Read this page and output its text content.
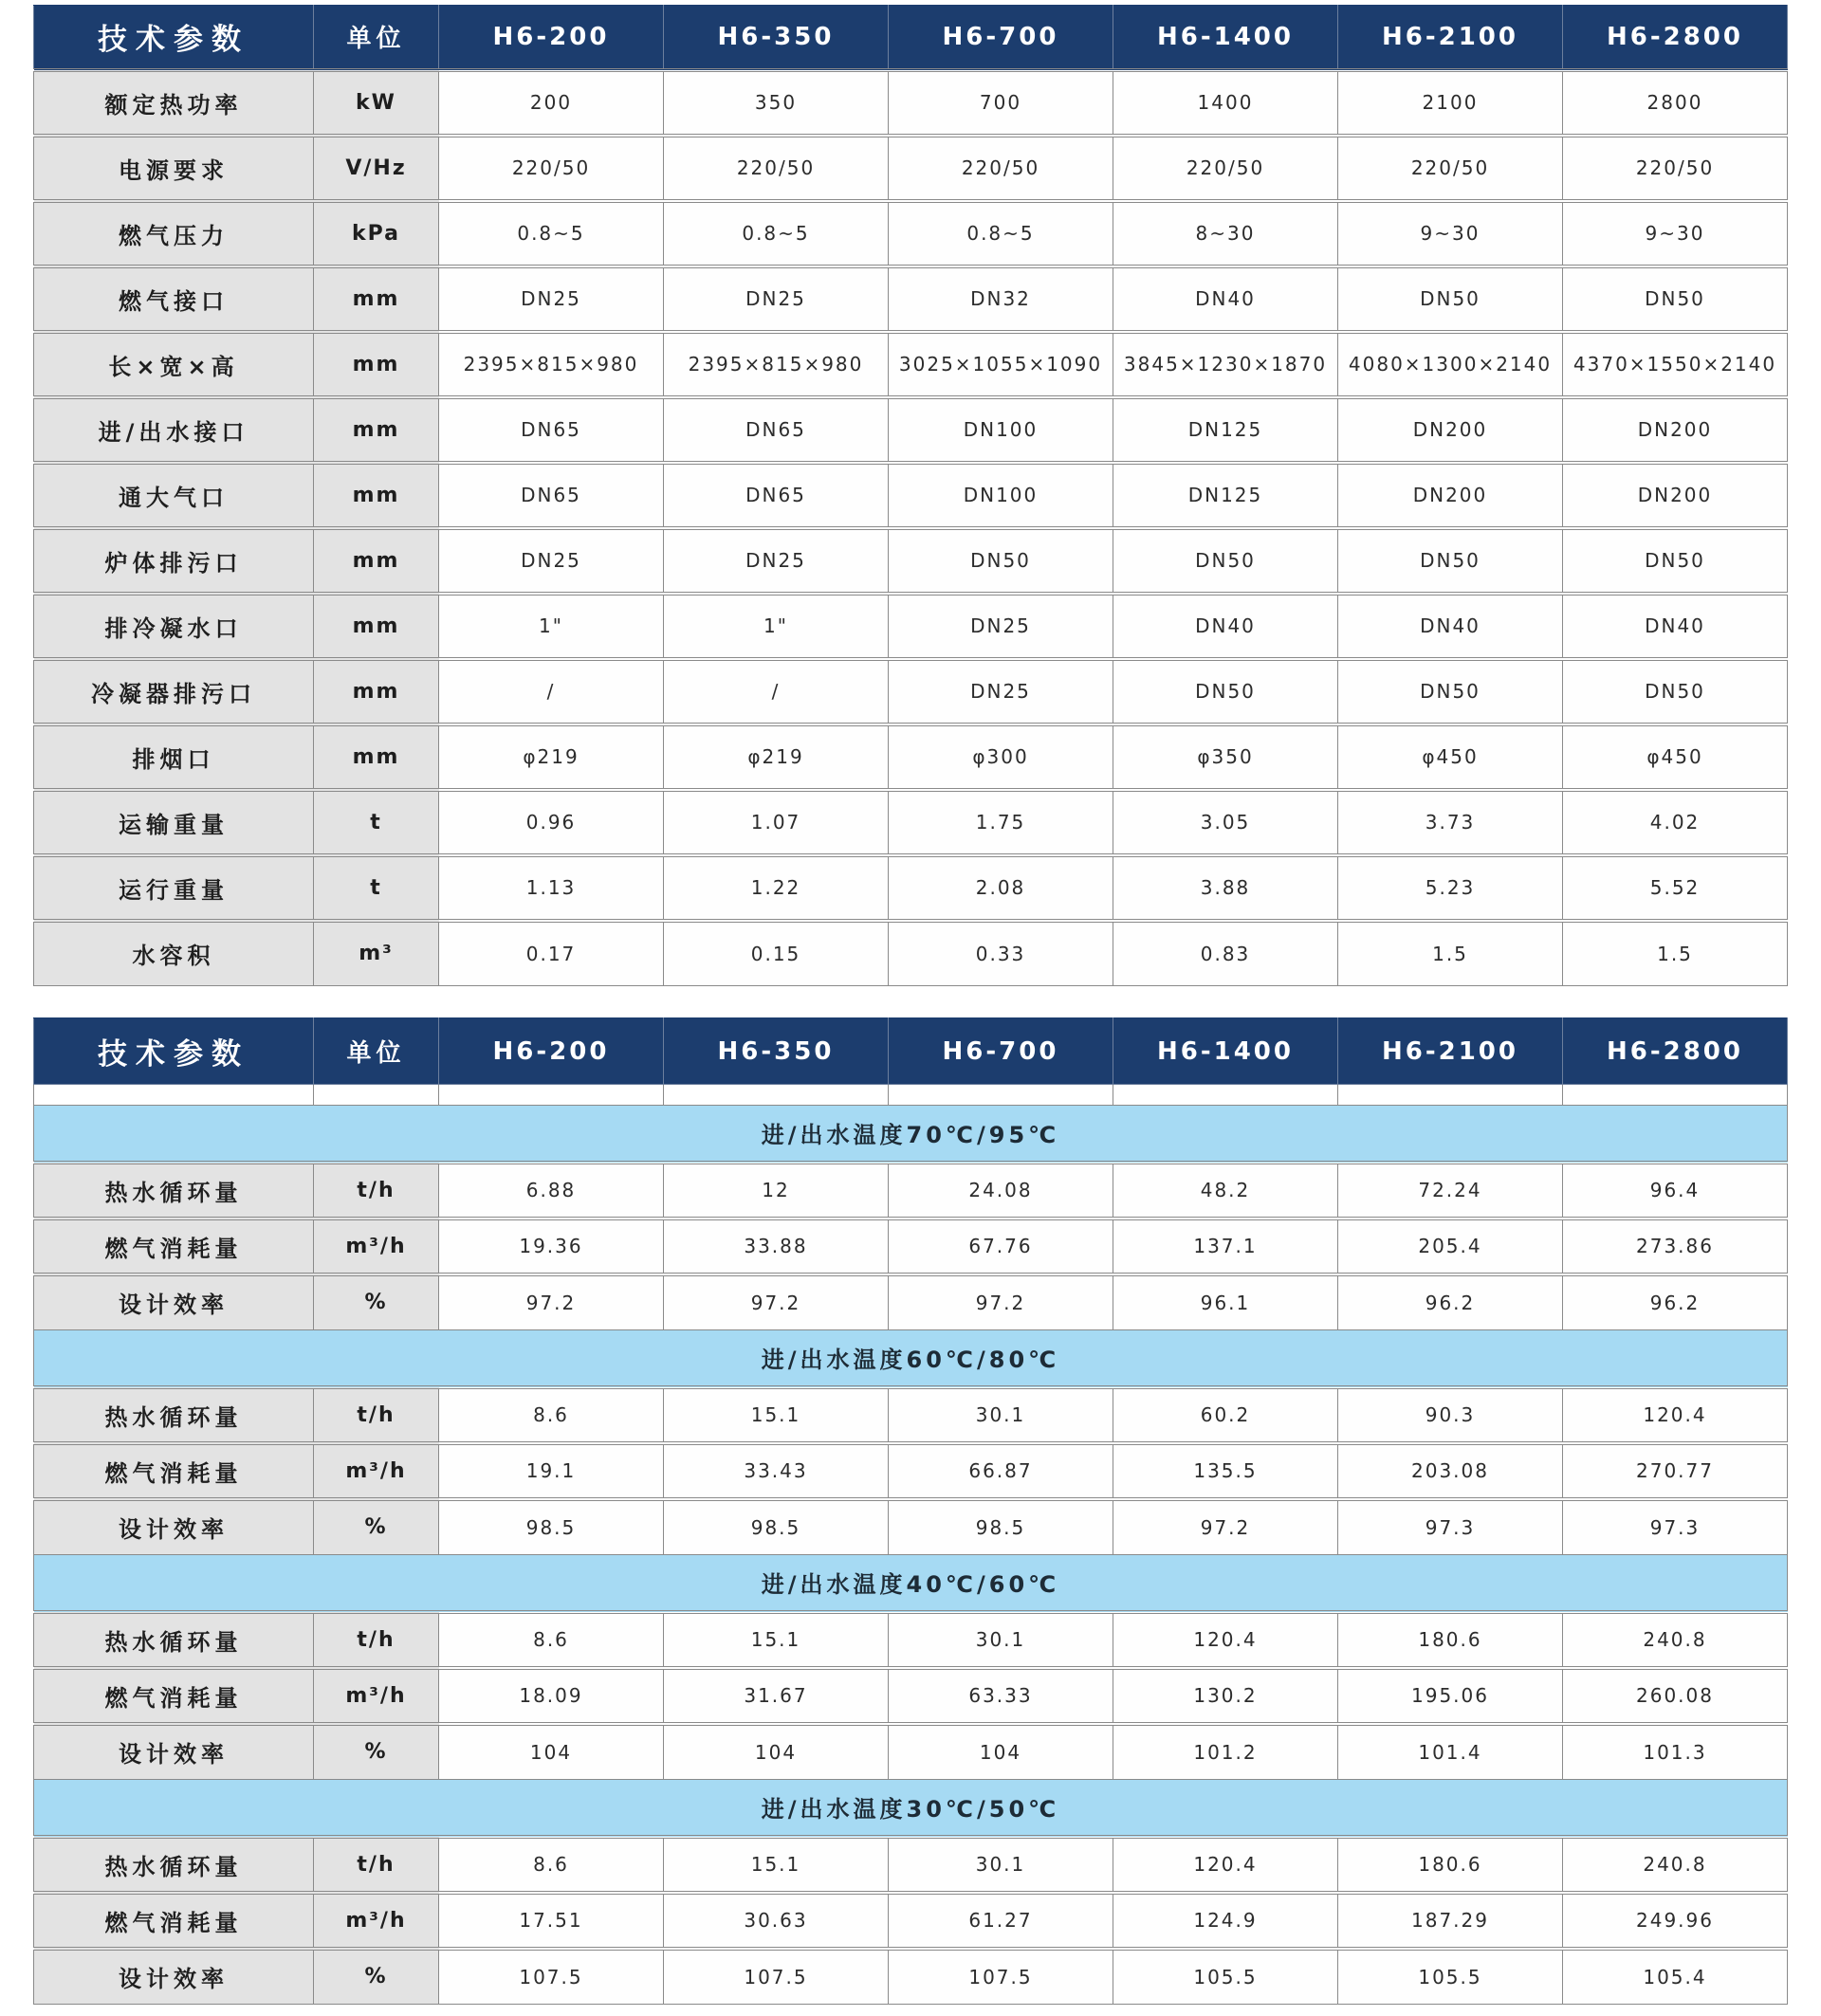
技术参数	单位	H6-200	H6-350	H6-700	H6-1400	H6-2100	H6-2800
额定热功率	kW	200	350	700	1400	2100	2800
电源要求	V/Hz	220/50	220/50	220/50	220/50	220/50	220/50
燃气压力	kPa	0.8~5	0.8~5	0.8~5	8~30	9~30	9~30
燃气接口	mm	DN25	DN25	DN32	DN40	DN50	DN50
长×宽×高	mm	2395×815×980	2395×815×980	3025×1055×1090	3845×1230×1870	4080×1300×2140	4370×1550×2140
进/出水接口	mm	DN65	DN65	DN100	DN125	DN200	DN200
通大气口	mm	DN65	DN65	DN100	DN125	DN200	DN200
炉体排污口	mm	DN25	DN25	DN50	DN50	DN50	DN50
排冷凝水口	mm	1"	1"	DN25	DN40	DN40	DN40
冷凝器排污口	mm	/	/	DN25	DN50	DN50	DN50
排烟口	mm	φ219	φ219	φ300	φ350	φ450	φ450
运输重量	t	0.96	1.07	1.75	3.05	3.73	4.02
运行重量	t	1.13	1.22	2.08	3.88	5.23	5.52
水容积	m³	0.17	0.15	0.33	0.83	1.5	1.5
技术参数	单位	H6-200	H6-350	H6-700	H6-1400	H6-2100	H6-2800

进/出水温度70℃/95℃							
热水循环量	t/h	6.88	12	24.08	48.2	72.24	96.4
燃气消耗量	m³/h	19.36	33.88	67.76	137.1	205.4	273.86
设计效率	%	97.2	97.2	97.2	96.1	96.2	96.2
进/出水温度60℃/80℃							
热水循环量	t/h	8.6	15.1	30.1	60.2	90.3	120.4
燃气消耗量	m³/h	19.1	33.43	66.87	135.5	203.08	270.77
设计效率	%	98.5	98.5	98.5	97.2	97.3	97.3
进/出水温度40℃/60℃							
热水循环量	t/h	8.6	15.1	30.1	120.4	180.6	240.8
燃气消耗量	m³/h	18.09	31.67	63.33	130.2	195.06	260.08
设计效率	%	104	104	104	101.2	101.4	101.3
进/出水温度30℃/50℃							
热水循环量	t/h	8.6	15.1	30.1	120.4	180.6	240.8
燃气消耗量	m³/h	17.51	30.63	61.27	124.9	187.29	249.96
设计效率	%	107.5	107.5	107.5	105.5	105.5	105.4
